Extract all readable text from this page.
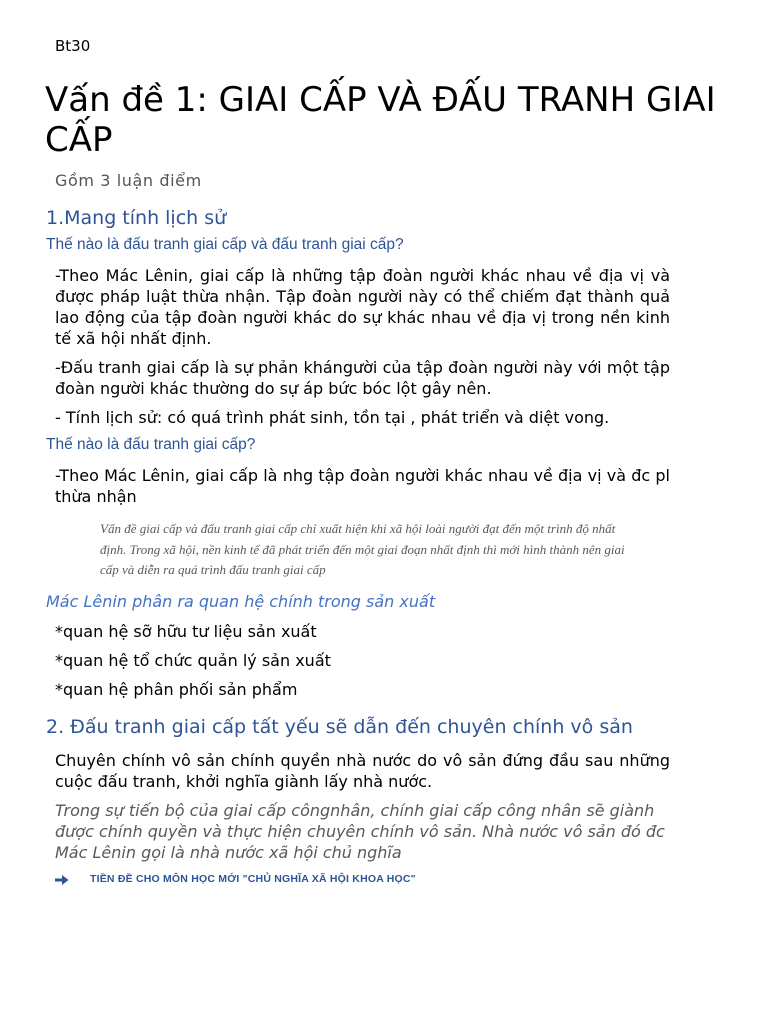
Bt30
Vấn đề 1: GIAI CẤP VÀ ĐẤU TRANH GIAI CẤP
Gồm 3 luận điểm
1.Mang tính lịch sử
Thế nào là đấu tranh giai cấp và đấu tranh giai cấp?

-Theo Mác Lênin, giai cấp là những tập đoàn người khác nhau về địa vị và được pháp luật thừa nhận. Tập đoàn người này có thể chiếm đạt thành quả lao động của tập đoàn người khác do sự khác nhau về địa vị trong nền kinh tế xã hội nhất định.

-Đấu tranh giai cấp là sự phản khángười của tập đoàn người này với một tập đoàn người khác thường do sự áp bức bóc lột gây nên.

- Tính lịch sử: có quá trình phát sinh, tồn tại , phát triển và diệt vong.

Thế nào là đấu tranh giai cấp?

-Theo Mác Lênin, giai cấp là nhg tập đoàn người khác nhau về địa vị và đc pl thừa nhận

Vấn đề giai cấp và đấu tranh giai cấp chỉ xuất hiện khi xã hội loài người đạt đến một trình độ nhất định. Trong xã hội, nền kinh tế đã phát triển đến một giai đoạn nhất định thì mới hình thành nên giai cấp và diễn ra quá trình đấu tranh giai cấp

Mác Lênin phân ra quan hệ chính trong sản xuất

*quan hệ sỡ hữu tư liệu sản xuất

*quan hệ tổ chức quản lý sản xuất

*quan hệ phân phối sản phẩm

2. Đấu tranh giai cấp tất yếu sẽ dẫn đến chuyên chính vô sản

Chuyên chính vô sản chính quyền nhà nước do vô sản đứng đầu sau những cuộc đấu tranh, khởi nghĩa giành lấy nhà nước.

Trong sự tiến bộ của giai cấp côngnhân, chính giai cấp công nhân sẽ giành được chính quyền và thực hiện chuyên chính vô sản. Nhà nước vô sản đó đc Mác Lênin gọi là nhà nước xã hội chủ nghĩa

TIỀN ĐỀ CHO MÔN HỌC MỚI "CHỦ NGHĨA XÃ HỘI KHOA HỌC"
